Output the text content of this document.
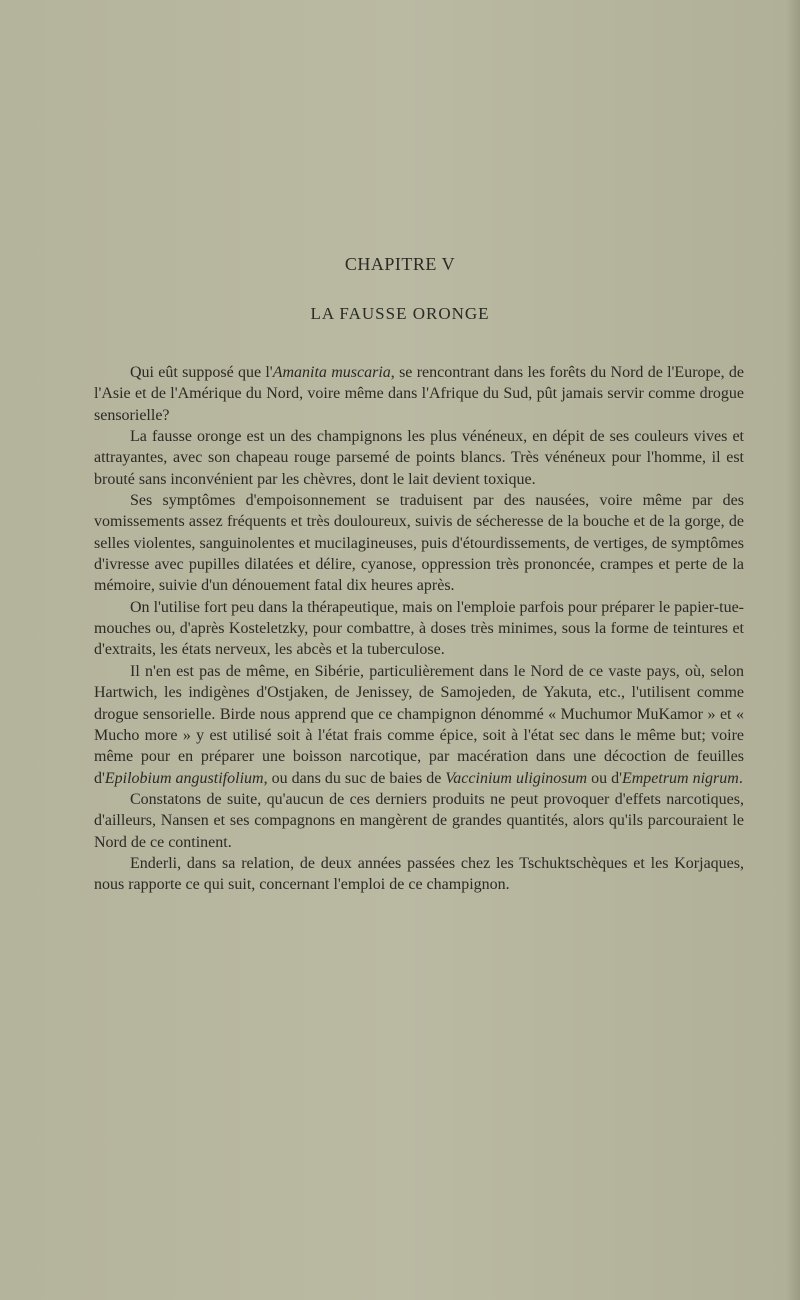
CHAPITRE V
LA FAUSSE ORONGE

Qui eût supposé que l'Amanita muscaria, se rencontrant dans les forêts du Nord de l'Europe, de l'Asie et de l'Amérique du Nord, voire même dans l'Afrique du Sud, pût jamais servir comme drogue sensorielle?

La fausse oronge est un des champignons les plus vénéneux, en dépit de ses couleurs vives et attrayantes, avec son chapeau rouge parsemé de points blancs. Très vénéneux pour l'homme, il est brouté sans inconvénient par les chèvres, dont le lait devient toxique.

Ses symptômes d'empoisonnement se traduisent par des nausées, voire même par des vomissements assez fréquents et très douloureux, suivis de sécheresse de la bouche et de la gorge, de selles violentes, sanguinolentes et mucilagineuses, puis d'étourdissements, de vertiges, de symptômes d'ivresse avec pupilles dilatées et délire, cyanose, oppression très prononcée, crampes et perte de la mémoire, suivie d'un dénouement fatal dix heures après.

On l'utilise fort peu dans la thérapeutique, mais on l'emploie parfois pour préparer le papier-tue-mouches ou, d'après Kosteletzky, pour combattre, à doses très minimes, sous la forme de teintures et d'extraits, les états nerveux, les abcès et la tuberculose.

Il n'en est pas de même, en Sibérie, particulièrement dans le Nord de ce vaste pays, où, selon Hartwich, les indigènes d'Ostjaken, de Jenissey, de Samojeden, de Yakuta, etc., l'utilisent comme drogue sensorielle. Birde nous apprend que ce champignon dénommé « Muchumor MuKamor » et « Mucho more » y est utilisé soit à l'état frais comme épice, soit à l'état sec dans le même but; voire même pour en préparer une boisson narcotique, par macération dans une décoction de feuilles d'Epilobium angustifolium, ou dans du suc de baies de Vaccinium uliginosum ou d'Empetrum nigrum.

Constatons de suite, qu'aucun de ces derniers produits ne peut provoquer d'effets narcotiques, d'ailleurs, Nansen et ses compagnons en mangèrent de grandes quantités, alors qu'ils parcouraient le Nord de ce continent.

Enderli, dans sa relation, de deux années passées chez les Tschuktschèques et les Korjaques, nous rapporte ce qui suit, concernant l'emploi de ce champignon.
